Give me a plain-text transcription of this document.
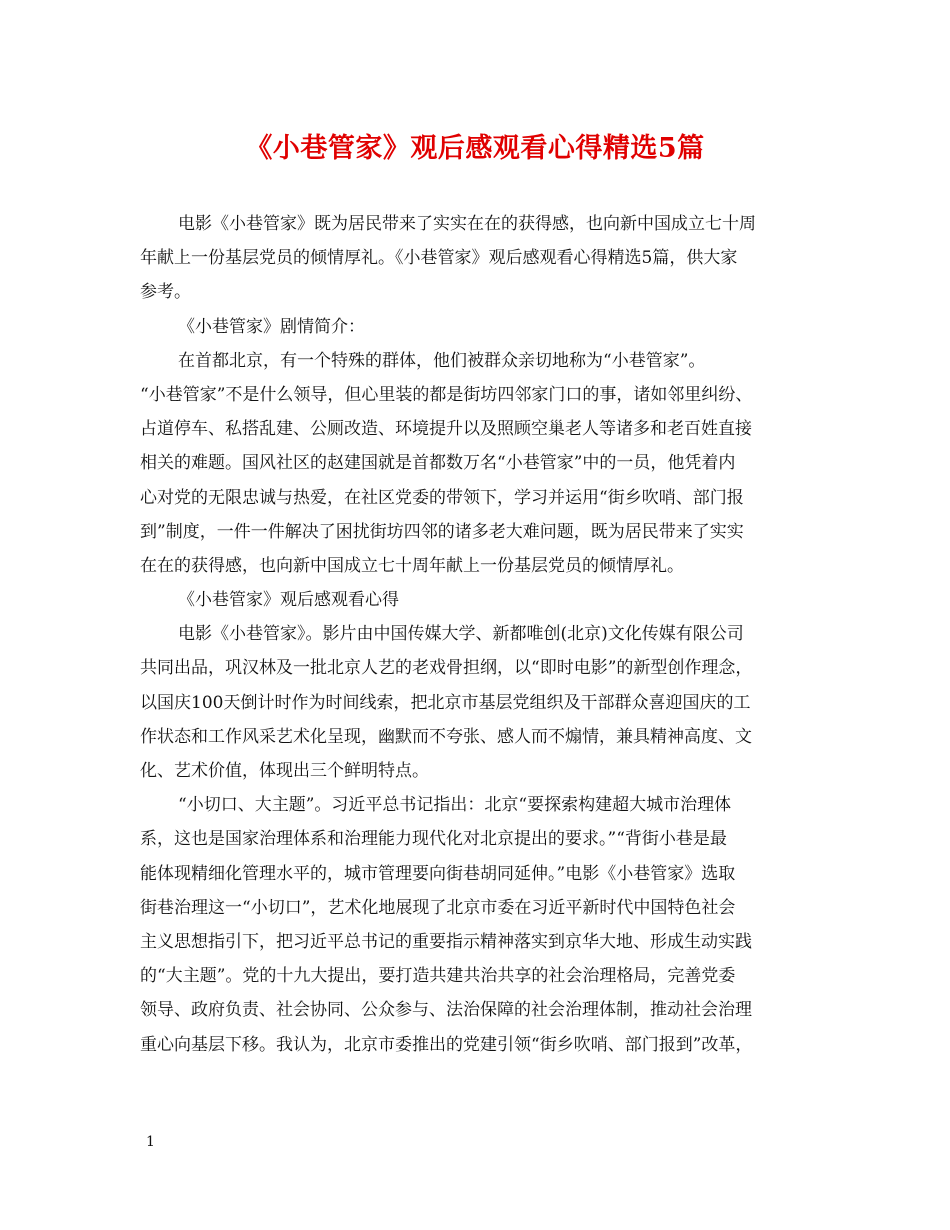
《小巷管家》观后感观看心得精选5篇
电影《小巷管家》既为居民带来了实实在在的获得感，也向新中国成立七十周
年献上一份基层党员的倾情厚礼。《小巷管家》观后感观看心得精选5篇，供大家
参考。
《小巷管家》剧情简介：
在首都北京，有一个特殊的群体，他们被群众亲切地称为“小巷管家”。
“小巷管家”不是什么领导，但心里装的都是街坊四邻家门口的事，诸如邻里纠纷、
占道停车、私搭乱建、公厕改造、环境提升以及照顾空巢老人等诸多和老百姓直接
相关的难题。国风社区的赵建国就是首都数万名“小巷管家”中的一员，他凭着内
心对党的无限忠诚与热爱，在社区党委的带领下，学习并运用“街乡吹哨、部门报
到”制度，一件一件解决了困扰街坊四邻的诸多老大难问题，既为居民带来了实实
在在的获得感，也向新中国成立七十周年献上一份基层党员的倾情厚礼。
《小巷管家》观后感观看心得
电影《小巷管家》。影片由中国传媒大学、新都唯创(北京)文化传媒有限公司
共同出品，巩汉林及一批北京人艺的老戏骨担纲，以“即时电影”的新型创作理念，
以国庆100天倒计时作为时间线索，把北京市基层党组织及干部群众喜迎国庆的工
作状态和工作风采艺术化呈现，幽默而不夸张、感人而不煽情，兼具精神高度、文
化、艺术价值，体现出三个鲜明特点。
“小切口、大主题”。习近平总书记指出：北京“要探索构建超大城市治理体
系，这也是国家治理体系和治理能力现代化对北京提出的要求。”“背街小巷是最
能体现精细化管理水平的，城市管理要向街巷胡同延伸。”电影《小巷管家》选取
街巷治理这一“小切口”，艺术化地展现了北京市委在习近平新时代中国特色社会
主义思想指引下，把习近平总书记的重要指示精神落实到京华大地、形成生动实践
的“大主题”。党的十九大提出，要打造共建共治共享的社会治理格局，完善党委
领导、政府负责、社会协同、公众参与、法治保障的社会治理体制，推动社会治理
重心向基层下移。我认为，北京市委推出的党建引领“街乡吹哨、部门报到”改革，
1
